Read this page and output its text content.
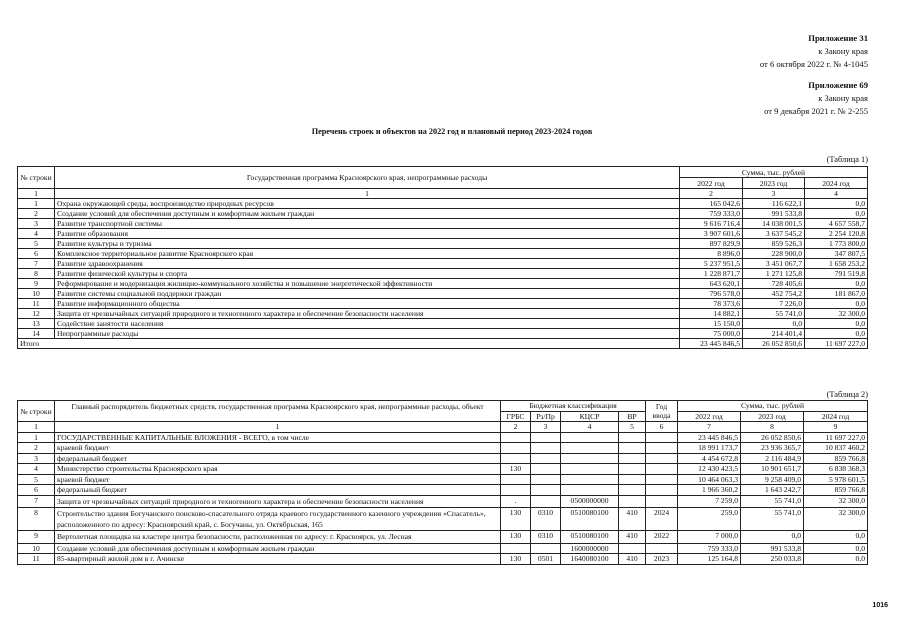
Приложение 31
к Закону края
от 6 октября 2022 г. № 4-1045
Приложение 69
к Закону края
от 9 декабря 2021 г. № 2-255
Перечень строек и объектов на 2022 год и плановый период 2023-2024 годов
(Таблица 1)
№ строки	Государственная программа Красноярского края, непрограммные расходы	Сумма, тыс. рублей		
		2022 год	2023 год	2024 год
1	1	2	3	4
1	Охрана окружающей среды, воспроизводство природных ресурсов	165 042,6	116 622,1	0,0
2	Создание условий для обеспечения доступным и комфортным жильем граждан	759 333,0	991 533,8	0,0
3	Развитие транспортной системы	9 616 716,4	14 038 001,5	4 657 558,7
4	Развитие образования	3 907 601,6	3 637 545,2	2 254 120,8
5	Развитие культуры и туризма	897 829,9	859 526,3	1 773 800,0
6	Комплексное территориальное развитие Красноярского края	8 896,0	228 900,0	347 807,5
7	Развитие здравоохранения	5 237 951,5	3 451 067,7	1 658 253,2
8	Развитие физической культуры и спорта	1 228 871,7	1 271 125,8	791 519,8
9	Реформирование и модернизация жилищно-коммунального хозяйства и повышение энергетической эффективности	643 620,1	728 405,6	0,0
10	Развитие системы социальной поддержки граждан	796 578,0	452 754,2	181 867,0
11	Развитие информационного общества	78 373,6	7 226,0	0,0
12	Защита от чрезвычайных ситуаций природного и техногенного характера и обеспечение безопасности населения	14 882,1	55 741,0	32 300,0
13	Содействие занятости населения	15 150,0	0,0	0,0
14	Непрограммные расходы	75 000,0	214 401,4	0,0
Итого		23 445 846,5	26 052 850,6	11 697 227,0
(Таблица 2)
№ строки	Главный распорядитель бюджетных средств, государственная программа Красноярского края, непрограммные расходы, объект	Бюджетная классификация				Год ввода	Сумма, тыс. рублей		
		ГРБС	Рз/Пр	КЦСР	ВР		2022 год	2023 год	2024 год
1	1	2	3	4	5	6	7	8	9
1	ГОСУДАРСТВЕННЫЕ КАПИТАЛЬНЫЕ ВЛОЖЕНИЯ - ВСЕГО, в том числе						23 445 846,5	26 052 850,6	11 697 227,0
2	краевой бюджет						18 991 173,7	23 936 365,7	10 837 460,2
3	федеральный бюджет						4 454 672,8	2 116 484,9	859 766,8
4	Министерство строительства Красноярского края	130					12 430 423,5	10 901 651,7	6 838 368,3
5	краевой бюджет						10 464 063,3	9 258 409,0	5 978 601,5
6	федеральный бюджет						1 966 360,2	1 643 242,7	859 766,8
7	Защита от чрезвычайных ситуаций природного и техногенного характера и обеспечение безопасности населения	.		0500000000			7 259,0	55 741,0	32 300,0
8	Строительство здания Богучанского поисково-спасательного отряда краевого государственного казенного учреждения «Спасатель», расположенного по адресу: Красноярский край, с. Богучаны, ул. Октябрьская, 165	130	0310	0510080100	410	2024	259,0	55 741,0	32 300,0
9	Вертолетная площадка на кластере центра безопасности, расположенная по адресу: г. Красноярск, ул. Лесная	130	0310	0510080100	410	2022	7 000,0	0,0	0,0
10	Создание условий для обеспечения доступным и комфортным жильем граждан			1600000000			759 333,0	991 533,8	0,0
11	85-квартирный жилой дом в г. Ачинске	130	0501	1640080100	410	2023	125 164,8	250 033,8	0,0
1016
